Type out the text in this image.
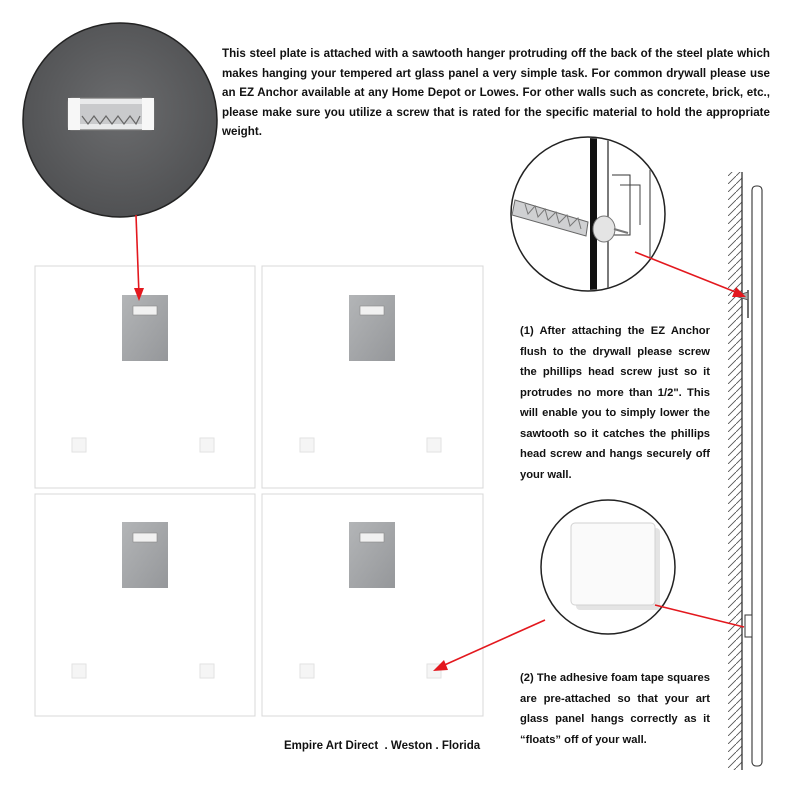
This steel plate is attached with a sawtooth hanger protruding off the back of the steel plate which makes hanging your tempered art glass panel a very simple task. For common drywall please use an EZ Anchor available at any Home Depot or Lowes. For other walls such as concrete, brick, etc., please make sure you utilize a screw that is rated for the specific material to hold the appropriate weight.

(1) After attaching the EZ Anchor flush to the drywall please screw the phillips head screw just so it protrudes no more than 1/2". This will enable you to simply lower the sawtooth so it catches the phillips head screw and hangs securely off your wall.

(2) The adhesive foam tape squares are pre-attached so that your art glass panel hangs correctly as it “floats” off of your wall.

Empire Art Direct  . Weston . Florida
